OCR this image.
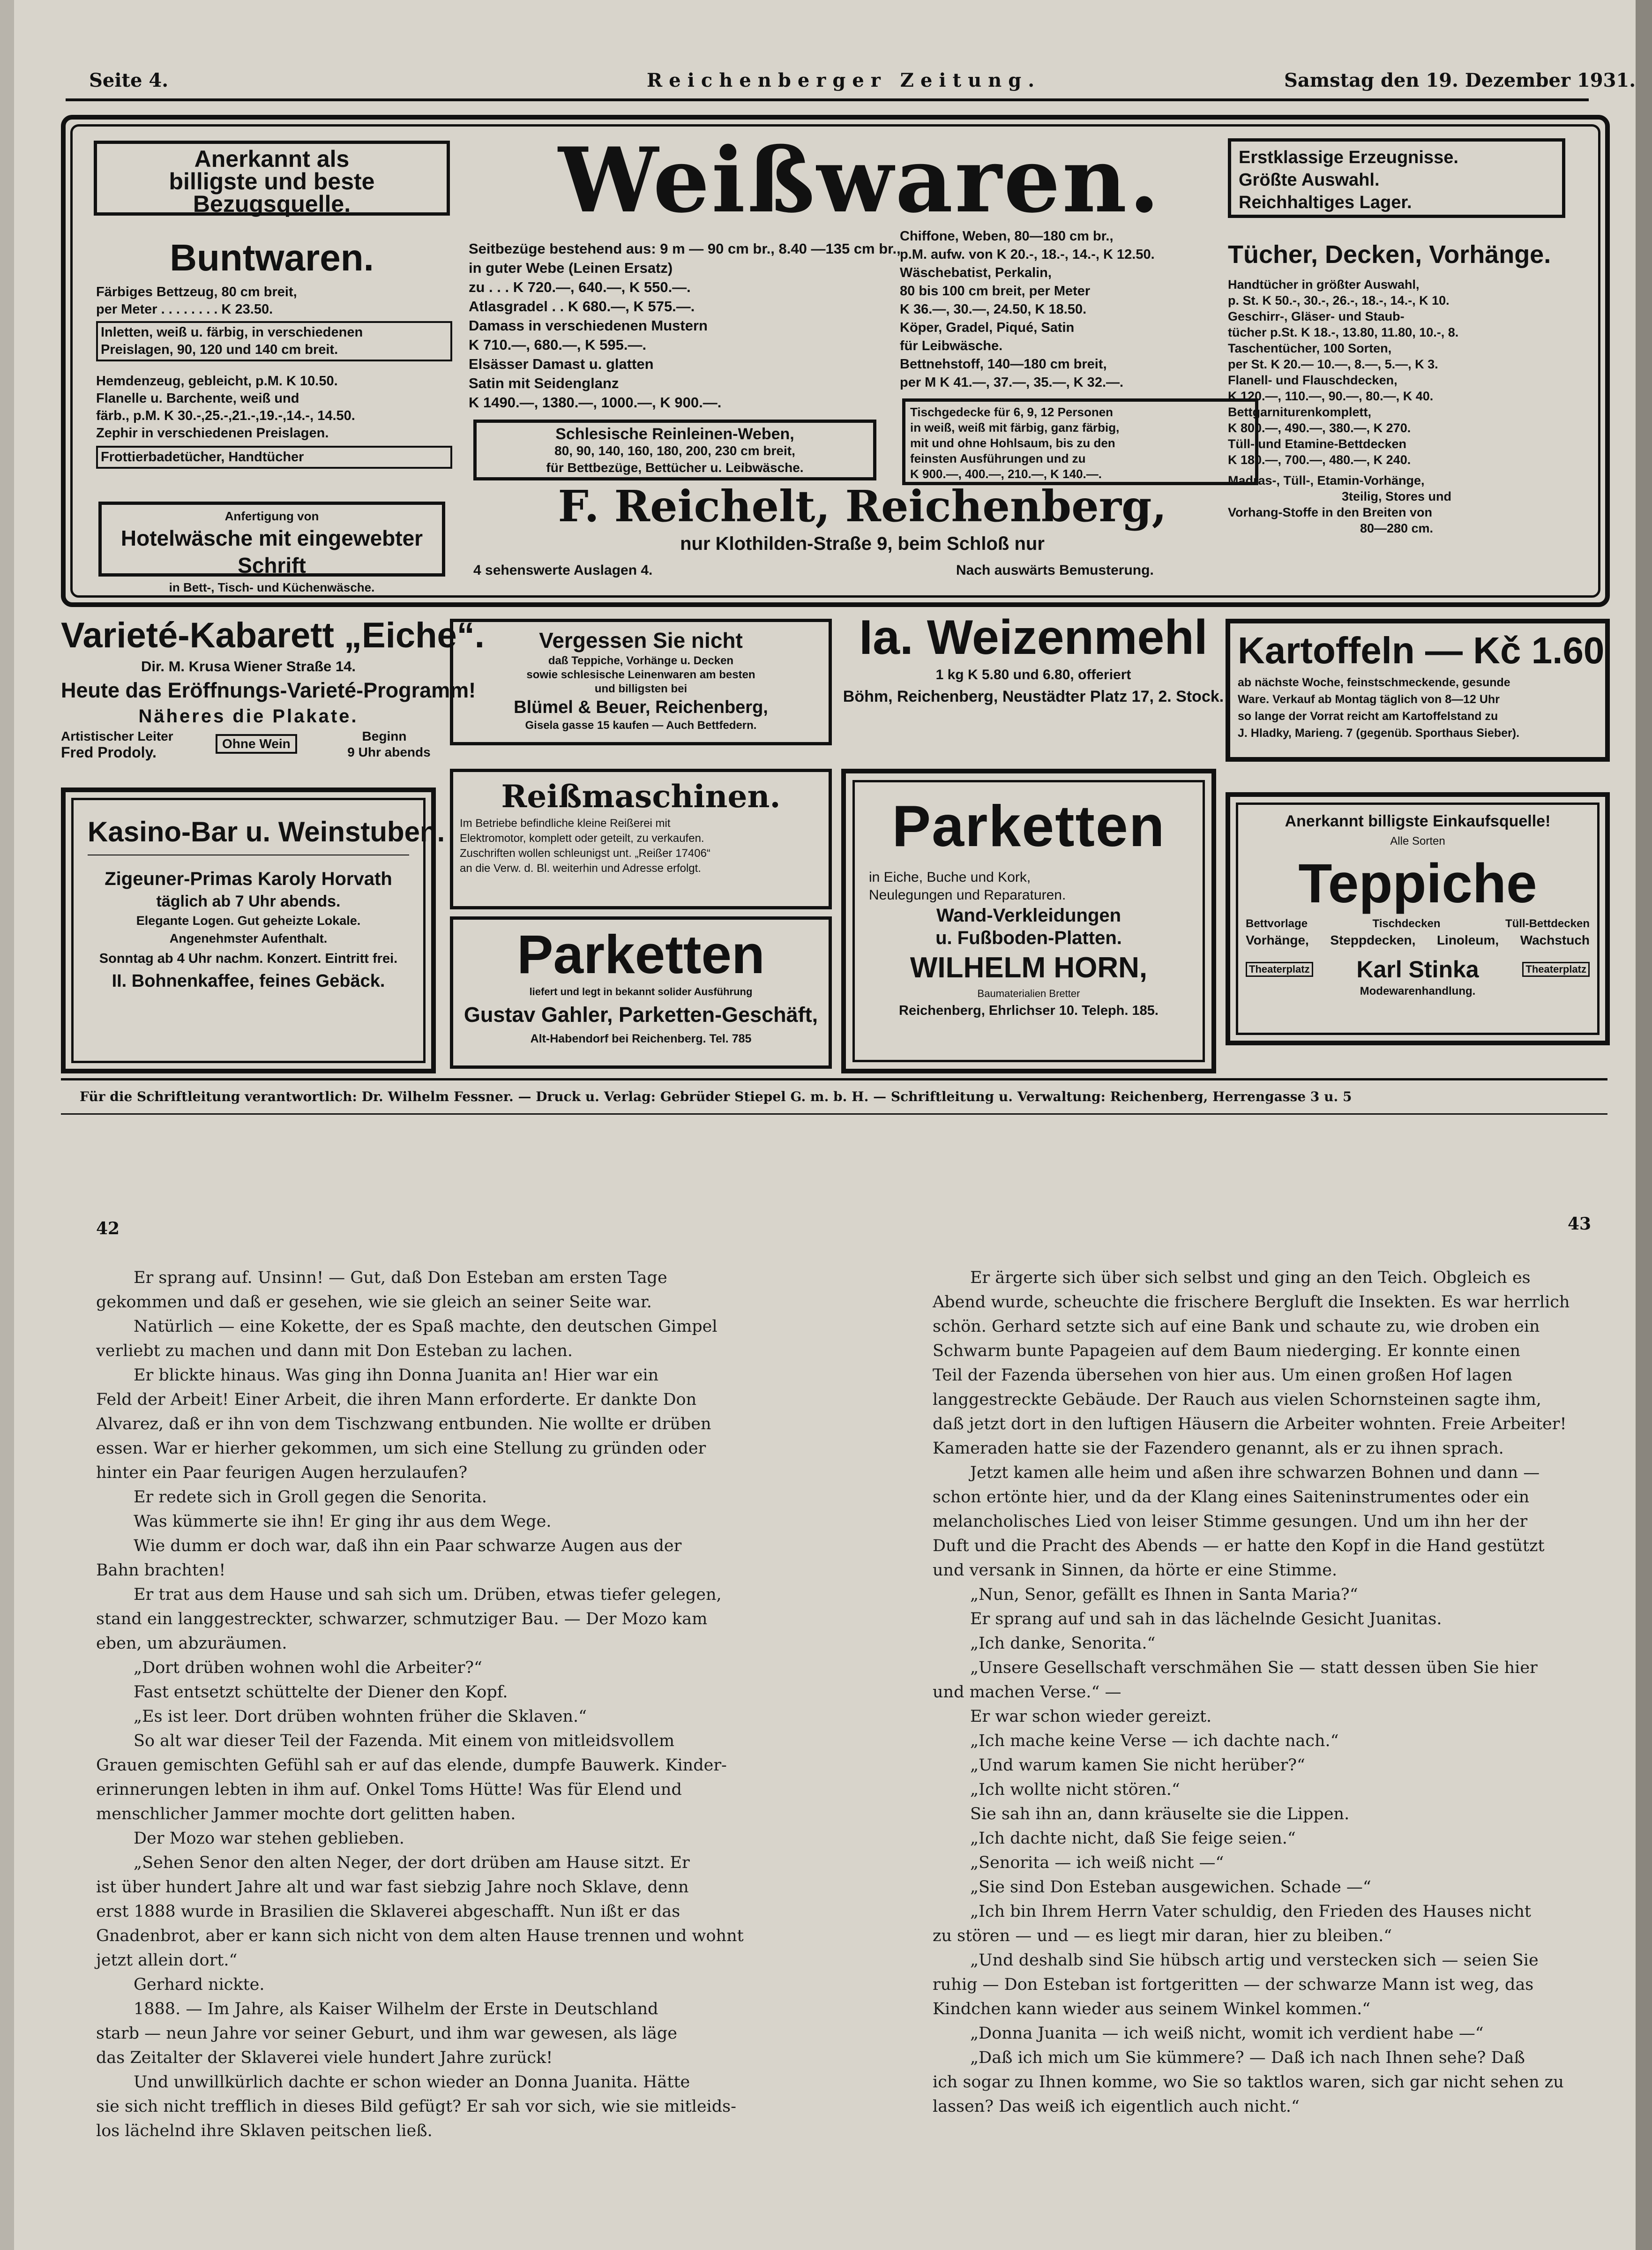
Seite 4.	Reichenberger Zeitung.	Samstag den 19. Dezember 1931.
Anerkannt als
billigste und beste
Bezugsquelle.
Buntwaren.
Färbiges Bettzeug, 80 cm breit,
per Meter . . . . . . . . K 23.50.
Inletten, weiß u. färbig, in verschiedenen
Preislagen, 90, 120 und 140 cm breit.
Hemdenzeug, gebleicht, p.M. K 10.50.
Flanelle u. Barchente, weiß und
färb., p.M. K 30.-,25.-,21.-,19.-,14.-, 14.50.
Zephir in verschiedenen Preislagen.
Frottierbadetücher, Handtücher
Anfertigung von
Hotelwäsche mit eingewebter Schrift
in Bett-, Tisch- und Küchenwäsche.
Weißwaren.
Seitbezüge bestehend aus: 9 m — 90 cm br., 8.40 —135 cm br.,
in guter Webe (Leinen Ersatz)
zu . . . K 720.—, 640.—, K 550.—.
Atlasgradel . . K 680.—, K 575.—.
Damass in verschiedenen Mustern
K 710.—, 680.—, K 595.—.
Elsässer Damast u. glatten
Satin mit Seidenglanz
K 1490.—, 1380.—, 1000.—, K 900.—.
Schlesische Reinleinen-Weben,
80, 90, 140, 160, 180, 200, 230 cm breit,
für Bettbezüge, Bettücher u. Leibwäsche.
Chiffone, Weben, 80—180 cm br.,
p.M. aufw. von K 20.-, 18.-, 14.-, K 12.50.
Wäschebatist, Perkalin,
80 bis 100 cm breit, per Meter
K 36.—, 30.—, 24.50, K 18.50.
Köper, Gradel, Piqué, Satin
für Leibwäsche.
Bettnehstoff, 140—180 cm breit,
per M K 41.—, 37.—, 35.—, K 32.—.
Tischgedecke für 6, 9, 12 Personen
in weiß, weiß mit färbig, ganz färbig,
mit und ohne Hohlsaum, bis zu den
feinsten Ausführungen und zu
K 900.—, 400.—, 210.—, K 140.—.
Erstklassige Erzeugnisse.
Größte Auswahl.
Reichhaltiges Lager.
Tücher, Decken, Vorhänge.
Handtücher in größter Auswahl,
p. St. K 50.-, 30.-, 26.-, 18.-, 14.-, K 10.
Geschirr-, Gläser- und Staub-
tücher p.St. K 18.-, 13.80, 11.80, 10.-, 8.
Taschentücher, 100 Sorten,
per St. K 20.— 10.—, 8.—, 5.—, K 3.
Flanell- und Flauschdecken,
K 120.—, 110.—, 90.—, 80.—, K 40.
Bettgarniturenkomplett,
K 800.—, 490.—, 380.—, K 270.
Tüll- und Etamine-Bettdecken
K 180.—, 700.—, 480.—, K 240.
Madras-, Tüll-, Etamin-Vorhänge,
3teilig, Stores und
Vorhang-Stoffe in den Breiten von
80—280 cm.
F. Reichelt, Reichenberg,
nur Klothilden-Straße 9, beim Schloß nur
4 sehenswerte Auslagen 4.	Nach auswärts Bemusterung.
Varieté-Kabarett „Eiche“.
Dir. M. Krusa Wiener Straße 14.
Heute das Eröffnungs-Varieté-Programm!
Näheres die Plakate.
Artistischer Leiter
Fred Prodoly.
Ohne Wein
Beginn
9 Uhr abends
Vergessen Sie nicht
daß Teppiche, Vorhänge u. Decken
sowie schlesische Leinenwaren am besten
und billigsten bei
Blümel & Beuer, Reichenberg,
Gisela gasse 15 kaufen — Auch Bettfedern.
Ia. Weizenmehl
1 kg K 5.80 und 6.80, offeriert
Böhm, Reichenberg, Neustädter Platz 17, 2. Stock.
Kartoffeln — Kč 1.60
ab nächste Woche, feinstschmeckende, gesunde
Ware. Verkauf ab Montag täglich von 8—12 Uhr
so lange der Vorrat reicht am Kartoffelstand zu
J. Hladky, Marieng. 7 (gegenüb. Sporthaus Sieber).
Kasino-Bar u. Weinstuben.
Zigeuner-Primas Karoly Horvath
täglich ab 7 Uhr abends.
Elegante Logen. Gut geheizte Lokale.
Angenehmster Aufenthalt.
Sonntag ab 4 Uhr nachm. Konzert. Eintritt frei.
II. Bohnenkaffee, feines Gebäck.
Reißmaschinen.
Im Betriebe befindliche kleine Reißerei mit
Elektromotor, komplett oder geteilt, zu verkaufen.
Zuschriften wollen schleunigst unt. „Reißer 17406“
an die Verw. d. Bl. weiterhin und Adresse erfolgt.
Parketten
in Eiche, Buche und Kork,
Neulegungen und Reparaturen.
Wand-Verkleidungen
u. Fußboden-Platten.
WILHELM HORN,
Baumaterialien Bretter
Reichenberg, Ehrlichser 10. Teleph. 185.
Anerkannt billigste Einkaufsquelle!
Alle Sorten
Teppiche
Bettvorlage	Tischdecken	Tüll-Bettdecken
Vorhänge, Steppdecken, Linoleum, Wachstuch
Theaterplatz Karl Stinka	Theaterplatz
Modewarenhandlung.
Parketten
liefert und legt in bekannt solider Ausführung
Gustav Gahler, Parketten-Geschäft,
Alt-Habendorf bei Reichenberg. Tel. 785
Für die Schriftleitung verantwortlich: Dr. Wilhelm Fessner. — Druck u. Verlag: Gebrüder Stiepel G. m. b. H. — Schriftleitung u. Verwaltung: Reichenberg, Herrengasse 3 u. 5
42	43
Er sprang auf. Unsinn! — Gut, daß Don Esteban am ersten Tage
gekommen und daß er gesehen, wie sie gleich an seiner Seite war.
Natürlich — eine Kokette, der es Spaß machte, den deutschen Gimpel
verliebt zu machen und dann mit Don Esteban zu lachen.
Er blickte hinaus. Was ging ihn Donna Juanita an! Hier war ein
Feld der Arbeit! Einer Arbeit, die ihren Mann erforderte. Er dankte Don
Alvarez, daß er ihn von dem Tischzwang entbunden. Nie wollte er drüben
essen. War er hierher gekommen, um sich eine Stellung zu gründen oder
hinter ein Paar feurigen Augen herzulaufen?
Er redete sich in Groll gegen die Senorita.
Was kümmerte sie ihn! Er ging ihr aus dem Wege.
Wie dumm er doch war, daß ihn ein Paar schwarze Augen aus der
Bahn brachten!
Er trat aus dem Hause und sah sich um. Drüben, etwas tiefer gelegen,
stand ein langgestreckter, schwarzer, schmutziger Bau. — Der Mozo kam
eben, um abzuräumen.
„Dort drüben wohnen wohl die Arbeiter?“
Fast entsetzt schüttelte der Diener den Kopf.
„Es ist leer. Dort drüben wohnten früher die Sklaven.“
So alt war dieser Teil der Fazenda. Mit einem von mitleidsvollem
Grauen gemischten Gefühl sah er auf das elende, dumpfe Bauwerk. Kinder-
erinnerungen lebten in ihm auf. Onkel Toms Hütte! Was für Elend und
menschlicher Jammer mochte dort gelitten haben.
Der Mozo war stehen geblieben.
„Sehen Senor den alten Neger, der dort drüben am Hause sitzt. Er
ist über hundert Jahre alt und war fast siebzig Jahre noch Sklave, denn
erst 1888 wurde in Brasilien die Sklaverei abgeschafft. Nun ißt er das
Gnadenbrot, aber er kann sich nicht von dem alten Hause trennen und wohnt
jetzt allein dort.“
Gerhard nickte.
1888. — Im Jahre, als Kaiser Wilhelm der Erste in Deutschland
starb — neun Jahre vor seiner Geburt, und ihm war gewesen, als läge
das Zeitalter der Sklaverei viele hundert Jahre zurück!
Und unwillkürlich dachte er schon wieder an Donna Juanita. Hätte
sie sich nicht trefflich in dieses Bild gefügt? Er sah vor sich, wie sie mitleids-
los lächelnd ihre Sklaven peitschen ließ.
Er ärgerte sich über sich selbst und ging an den Teich. Obgleich es
Abend wurde, scheuchte die frischere Bergluft die Insekten. Es war herrlich
schön. Gerhard setzte sich auf eine Bank und schaute zu, wie droben ein
Schwarm bunte Papageien auf dem Baum niederging. Er konnte einen
Teil der Fazenda übersehen von hier aus. Um einen großen Hof lagen
langgestreckte Gebäude. Der Rauch aus vielen Schornsteinen sagte ihm,
daß jetzt dort in den luftigen Häusern die Arbeiter wohnten. Freie Arbeiter!
Kameraden hatte sie der Fazendero genannt, als er zu ihnen sprach.
Jetzt kamen alle heim und aßen ihre schwarzen Bohnen und dann —
schon ertönte hier, und da der Klang eines Saiteninstrumentes oder ein
melancholisches Lied von leiser Stimme gesungen. Und um ihn her der
Duft und die Pracht des Abends — er hatte den Kopf in die Hand gestützt
und versank in Sinnen, da hörte er eine Stimme.
„Nun, Senor, gefällt es Ihnen in Santa Maria?“
Er sprang auf und sah in das lächelnde Gesicht Juanitas.
„Ich danke, Senorita.“
„Unsere Gesellschaft verschmähen Sie — statt dessen üben Sie hier
und machen Verse.“ —
Er war schon wieder gereizt.
„Ich mache keine Verse — ich dachte nach.“
„Und warum kamen Sie nicht herüber?“
„Ich wollte nicht stören.“
Sie sah ihn an, dann kräuselte sie die Lippen.
„Ich dachte nicht, daß Sie feige seien.“
„Senorita — ich weiß nicht —“
„Sie sind Don Esteban ausgewichen. Schade —“
„Ich bin Ihrem Herrn Vater schuldig, den Frieden des Hauses nicht
zu stören — und — es liegt mir daran, hier zu bleiben.“
„Und deshalb sind Sie hübsch artig und verstecken sich — seien Sie
ruhig — Don Esteban ist fortgeritten — der schwarze Mann ist weg, das
Kindchen kann wieder aus seinem Winkel kommen.“
„Donna Juanita — ich weiß nicht, womit ich verdient habe —“
„Daß ich mich um Sie kümmere? — Daß ich nach Ihnen sehe? Daß
ich sogar zu Ihnen komme, wo Sie so taktlos waren, sich gar nicht sehen zu
lassen? Das weiß ich eigentlich auch nicht.“
